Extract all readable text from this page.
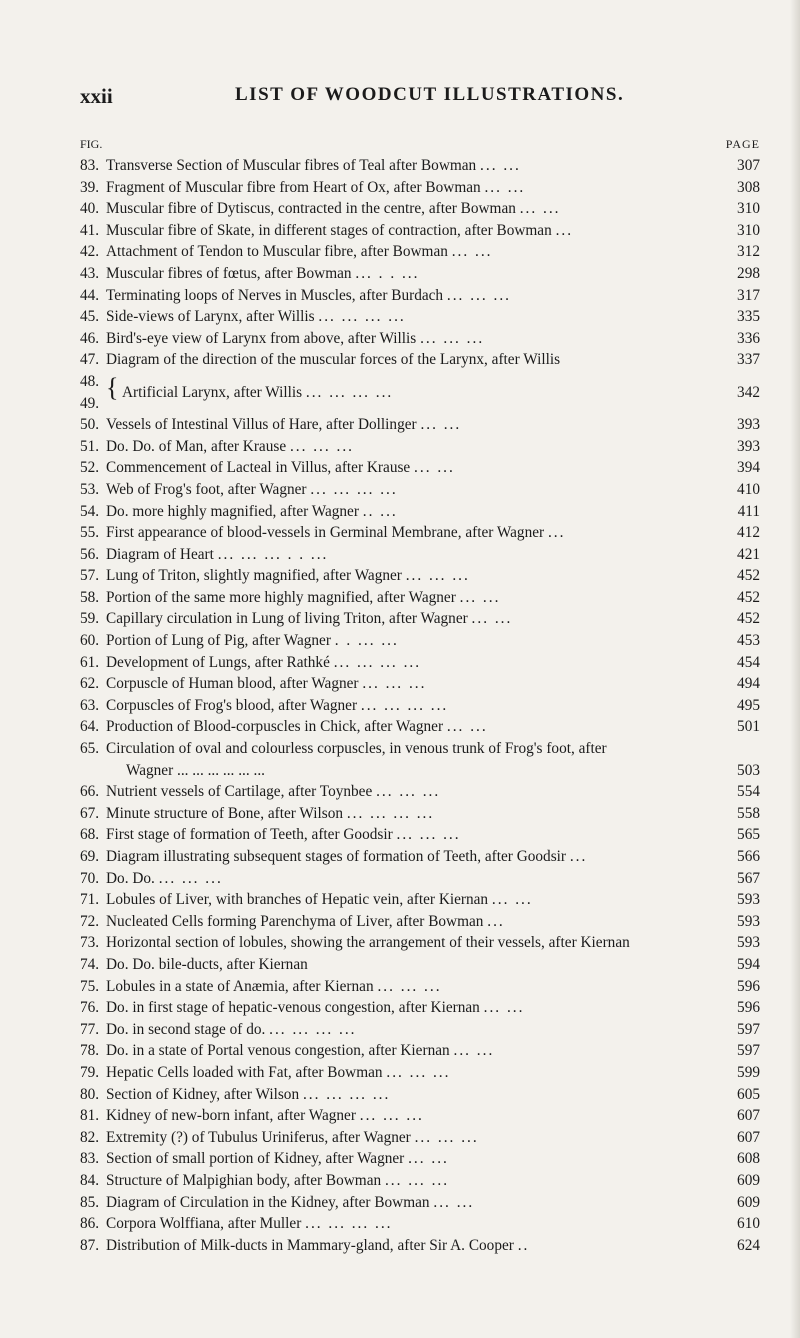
xxii	LIST OF WOODCUT ILLUSTRATIONS.
FIG.	PAGE
83. Transverse Section of Muscular fibres of Teal after Bowman ... ...	307
39. Fragment of Muscular fibre from Heart of Ox, after Bowman ... ...	308
40. Muscular fibre of Dytiscus, contracted in the centre, after Bowman ... ...	310
41. Muscular fibre of Skate, in different stages of contraction, after Bowman ...	310
42. Attachment of Tendon to Muscular fibre, after Bowman ... ...	312
43. Muscular fibres of fœtus, after Bowman ... . . ...	298
44. Terminating loops of Nerves in Muscles, after Burdach ... ... ...	317
45. Side-views of Larynx, after Willis ... ... ... ...	335
46. Bird's-eye view of Larynx from above, after Willis ... ... ...	336
47. Diagram of the direction of the muscular forces of the Larynx, after Willis	337
48.
49.
{ Artificial Larynx, after Willis ... ... ... ...	342
50. Vessels of Intestinal Villus of Hare, after Dollinger ... ...	393
51. Do. Do. of Man, after Krause ... ... ...	393
52. Commencement of Lacteal in Villus, after Krause ... ...	394
53. Web of Frog's foot, after Wagner ... ... ... ...	410
54. Do. more highly magnified, after Wagner .. ...	411
55. First appearance of blood-vessels in Germinal Membrane, after Wagner ...	412
56. Diagram of Heart ... ... ... . . ...	421
57. Lung of Triton, slightly magnified, after Wagner ... ... ...	452
58. Portion of the same more highly magnified, after Wagner ... ...	452
59. Capillary circulation in Lung of living Triton, after Wagner ... ...	452
60. Portion of Lung of Pig, after Wagner . . ... ...	453
61. Development of Lungs, after Rathké ... ... ... ...	454
62. Corpuscle of Human blood, after Wagner ... ... ...	494
63. Corpuscles of Frog's blood, after Wagner ... ... ... ...	495
64. Production of Blood-corpuscles in Chick, after Wagner ... ...	501
65. Circulation of oval and colourless corpuscles, in venous trunk of Frog's foot, after
Wagner ... ... ... ... ... ...	503
66. Nutrient vessels of Cartilage, after Toynbee ... ... ...	554
67. Minute structure of Bone, after Wilson ... ... ... ...	558
68. First stage of formation of Teeth, after Goodsir ... ... ...	565
69. Diagram illustrating subsequent stages of formation of Teeth, after Goodsir ...	566
70. Do. Do. ... ... ...	567
71. Lobules of Liver, with branches of Hepatic vein, after Kiernan ... ...	593
72. Nucleated Cells forming Parenchyma of Liver, after Bowman ...	593
73. Horizontal section of lobules, showing the arrangement of their vessels, after Kiernan	593
74. Do. Do. bile-ducts, after Kiernan	594
75. Lobules in a state of Anæmia, after Kiernan ... ... ...	596
76. Do. in first stage of hepatic-venous congestion, after Kiernan ... ...	596
77. Do. in second stage of do. ... ... ... ...	597
78. Do. in a state of Portal venous congestion, after Kiernan ... ...	597
79. Hepatic Cells loaded with Fat, after Bowman ... ... ...	599
80. Section of Kidney, after Wilson ... ... ... ...	605
81. Kidney of new-born infant, after Wagner ... ... ...	607
82. Extremity (?) of Tubulus Uriniferus, after Wagner ... ... ...	607
83. Section of small portion of Kidney, after Wagner ... ...	608
84. Structure of Malpighian body, after Bowman ... ... ...	609
85. Diagram of Circulation in the Kidney, after Bowman ... ...	609
86. Corpora Wolffiana, after Muller ... ... ... ...	610
87. Distribution of Milk-ducts in Mammary-gland, after Sir A. Cooper ..	624
